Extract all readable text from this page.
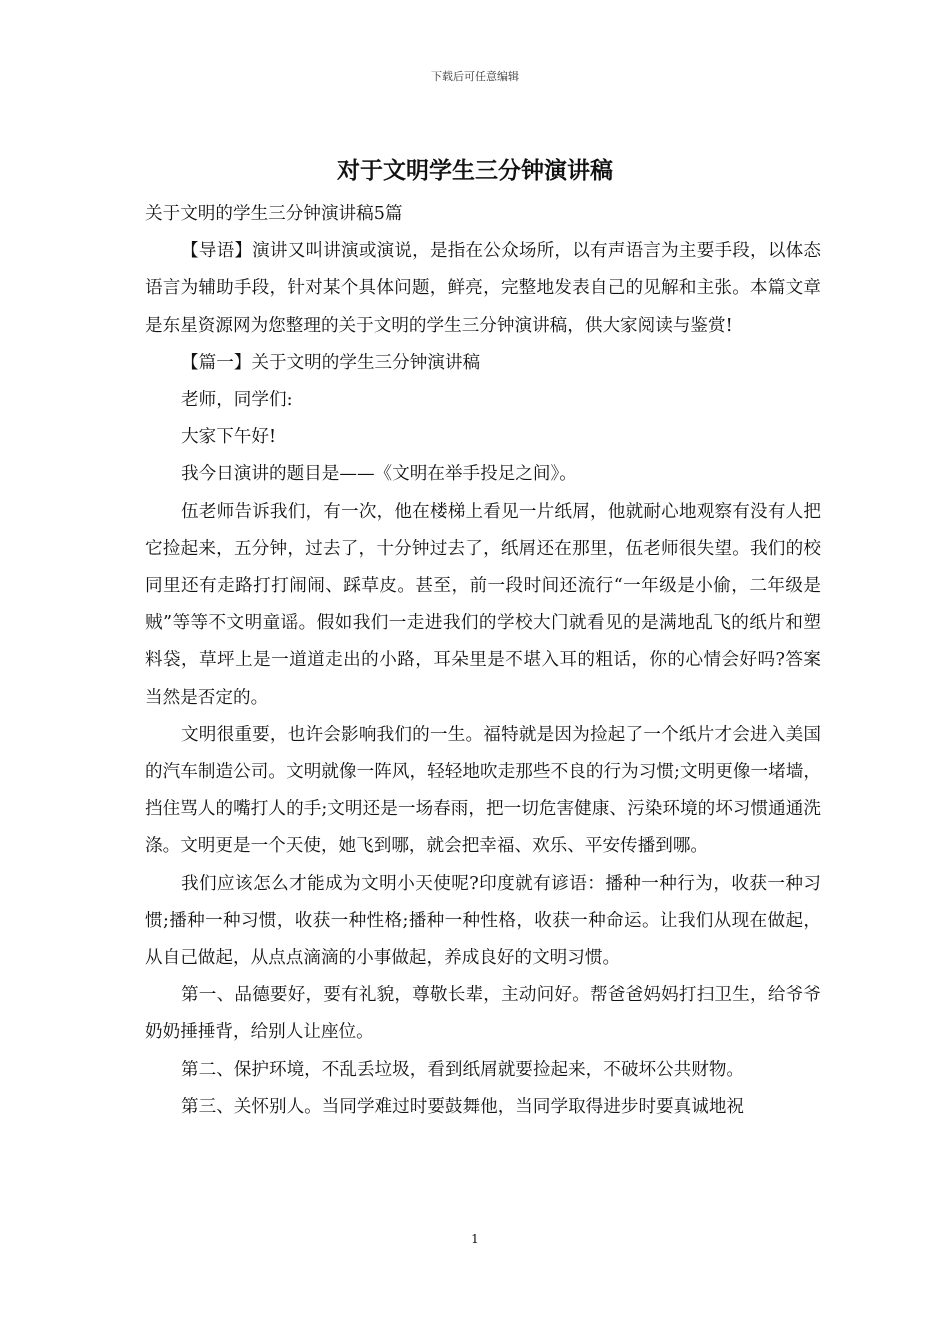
下载后可任意编辑
对于文明学生三分钟演讲稿

关于文明的学生三分钟演讲稿5篇

【导语】演讲又叫讲演或演说，是指在公众场所，以有声语言为主要手段，以体态语言为辅助手段，针对某个具体问题，鲜亮，完整地发表自己的见解和主张。本篇文章是东星资源网为您整理的关于文明的学生三分钟演讲稿，供大家阅读与鉴赏!

【篇一】关于文明的学生三分钟演讲稿

老师，同学们:

大家下午好!

我今日演讲的题目是——《文明在举手投足之间》。

伍老师告诉我们，有一次，他在楼梯上看见一片纸屑，他就耐心地观察有没有人把它捡起来，五分钟，过去了，十分钟过去了，纸屑还在那里，伍老师很失望。我们的校同里还有走路打打闹闹、踩草皮。甚至，前一段时间还流行“一年级是小偷，二年级是贼”等等不文明童谣。假如我们一走进我们的学校大门就看见的是满地乱飞的纸片和塑料袋，草坪上是一道道走出的小路，耳朵里是不堪入耳的粗话，你的心情会好吗?答案当然是否定的。

文明很重要，也许会影响我们的一生。福特就是因为捡起了一个纸片才会进入美国的汽车制造公司。文明就像一阵风，轻轻地吹走那些不良的行为习惯;文明更像一堵墙，挡住骂人的嘴打人的手;文明还是一场春雨，把一切危害健康、污染环境的坏习惯通通洗涤。文明更是一个天使，她飞到哪，就会把幸福、欢乐、平安传播到哪。

我们应该怎么才能成为文明小天使呢?印度就有谚语：播种一种行为，收获一种习惯;播种一种习惯，收获一种性格;播种一种性格，收获一种命运。让我们从现在做起，从自己做起，从点点滴滴的小事做起，养成良好的文明习惯。

第一、品德要好，要有礼貌，尊敬长辈，主动问好。帮爸爸妈妈打扫卫生，给爷爷奶奶捶捶背，给别人让座位。

第二、保护环境，不乱丢垃圾，看到纸屑就要捡起来，不破坏公共财物。

第三、关怀别人。当同学难过时要鼓舞他，当同学取得进步时要真诚地祝

1
